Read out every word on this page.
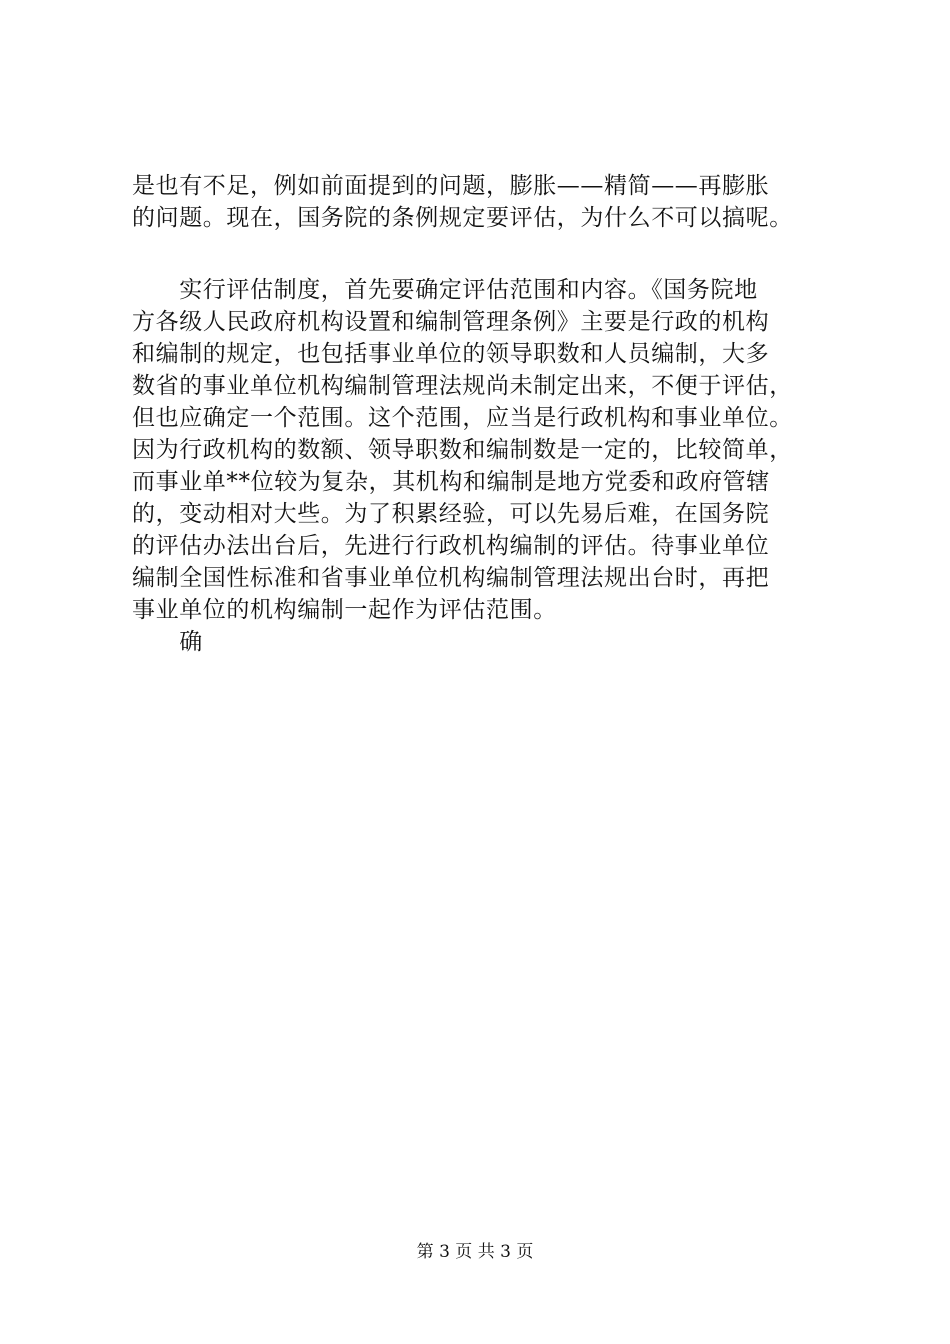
是也有不足，例如前面提到的问题，膨胀——精简——再膨胀
的问题。现在，国务院的条例规定要评估，为什么不可以搞呢。
　　实行评估制度，首先要确定评估范围和内容。《国务院地
方各级人民政府机构设置和编制管理条例》主要是行政的机构
和编制的规定，也包括事业单位的领导职数和人员编制，大多
数省的事业单位机构编制管理法规尚未制定出来，不便于评估，
但也应确定一个范围。这个范围，应当是行政机构和事业单位。
因为行政机构的数额、领导职数和编制数是一定的，比较简单，
而事业单**位较为复杂，其机构和编制是地方党委和政府管辖
的，变动相对大些。为了积累经验，可以先易后难，在国务院
的评估办法出台后，先进行行政机构编制的评估。待事业单位
编制全国性标准和省事业单位机构编制管理法规出台时，再把
事业单位的机构编制一起作为评估范围。
　　确
第 3 页 共 3 页
